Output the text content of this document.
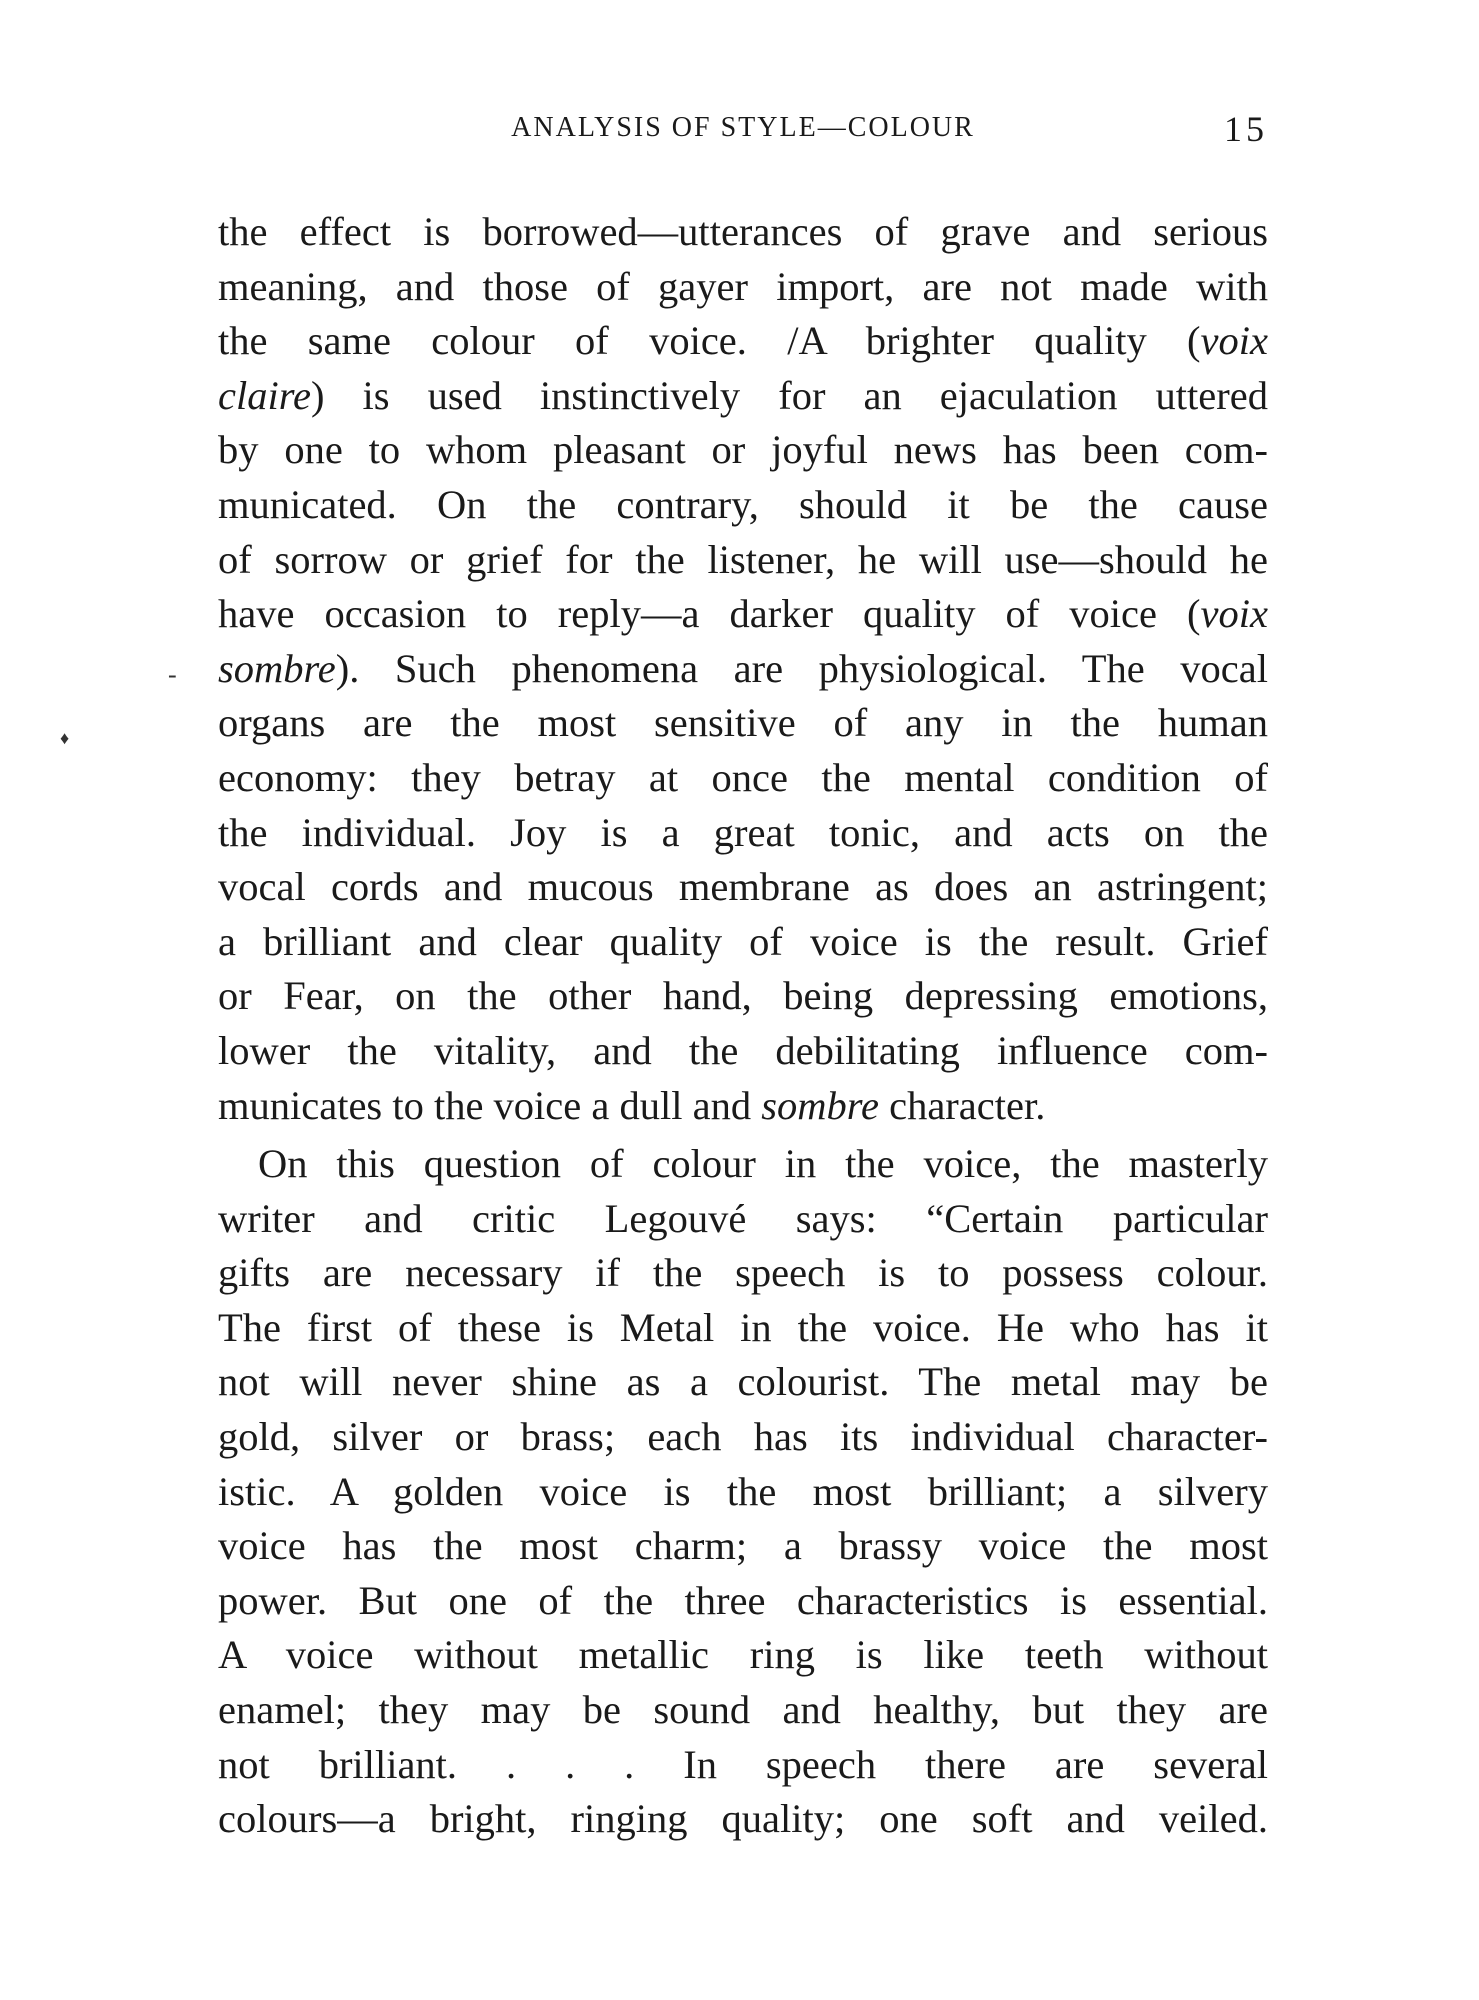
ANALYSIS OF STYLE—COLOUR	15
-
♦
the effect is borrowed—utterances of grave and serious
meaning, and those of gayer import, are not made with
the same colour of voice. /A brighter quality (voix
claire) is used instinctively for an ejaculation uttered
by one to whom pleasant or joyful news has been com-
municated. On the contrary, should it be the cause
of sorrow or grief for the listener, he will use—should he
have occasion to reply—a darker quality of voice (voix
sombre). Such phenomena are physiological. The vocal
organs are the most sensitive of any in the human
economy: they betray at once the mental condition of
the individual. Joy is a great tonic, and acts on the
vocal cords and mucous membrane as does an astringent;
a brilliant and clear quality of voice is the result. Grief
or Fear, on the other hand, being depressing emotions,
lower the vitality, and the debilitating influence com-
municates to the voice a dull and sombre character.
On this question of colour in the voice, the masterly
writer and critic Legouvé says: “Certain particular
gifts are necessary if the speech is to possess colour.
The first of these is Metal in the voice. He who has it
not will never shine as a colourist. The metal may be
gold, silver or brass; each has its individual character-
istic. A golden voice is the most brilliant; a silvery
voice has the most charm; a brassy voice the most
power. But one of the three characteristics is essential.
A voice without metallic ring is like teeth without
enamel; they may be sound and healthy, but they are
not brilliant. . . . In speech there are several
colours—a bright, ringing quality; one soft and veiled.
